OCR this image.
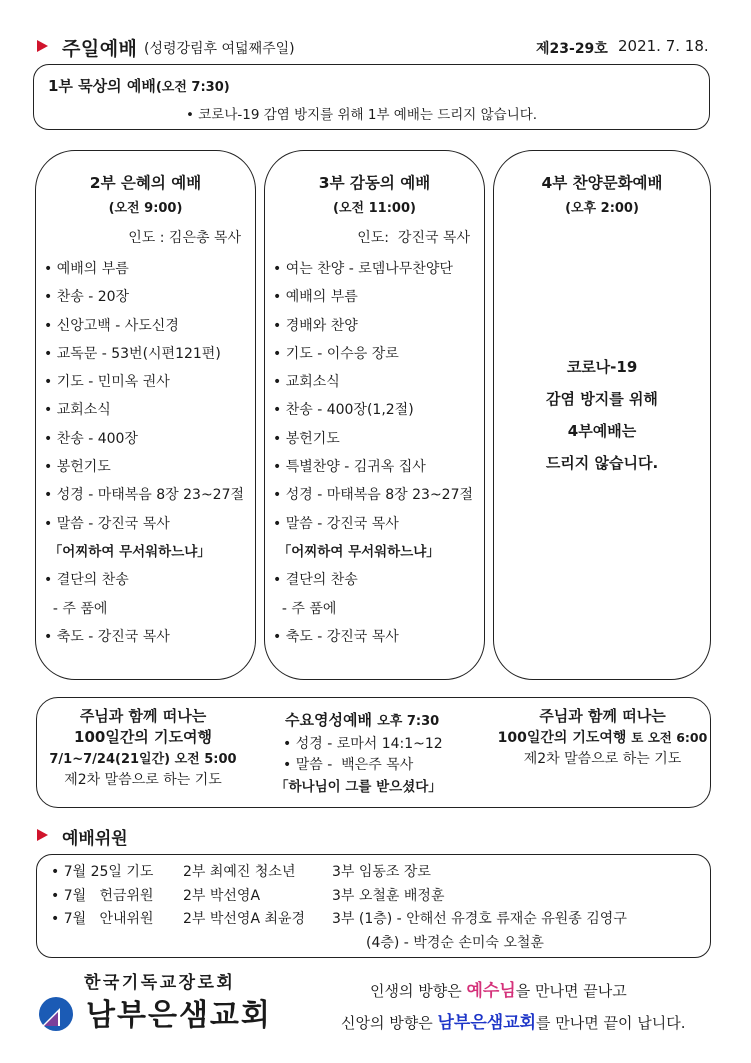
주일예배 (성령강림후 여덟째주일)	제23-29호 2021. 7. 18.
1부 묵상의 예배(오전 7:30)
• 코로나-19 감염 방지를 위해 1부 예배는 드리지 않습니다.
2부 은혜의 예배
(오전 9:00)
인도 : 김은총 목사
• 예배의 부름
• 찬송 - 20장
• 신앙고백 - 사도신경
• 교독문 - 53번(시편121편)
• 기도 - 민미옥 권사
• 교회소식
• 찬송 - 400장
• 봉헌기도
• 성경 - 마태복음 8장 23~27절
• 말씀 - 강진국 목사
「어찌하여 무서워하느냐」
• 결단의 찬송
- 주 품에
• 축도 - 강진국 목사
3부 감동의 예배
(오전 11:00)
인도:  강진국 목사
• 여는 찬양 - 로뎀나무찬양단
• 예배의 부름
• 경배와 찬양
• 기도 - 이수응 장로
• 교회소식
• 찬송 - 400장(1,2절)
• 봉헌기도
• 특별찬양 - 김귀옥 집사
• 성경 - 마태복음 8장 23~27절
• 말씀 - 강진국 목사
「어찌하여 무서워하느냐」
• 결단의 찬송
- 주 품에
• 축도 - 강진국 목사
4부 찬양문화예배
(오후 2:00)
코로나-19
감염 방지를 위해
4부예배는
드리지 않습니다.
주님과 함께 떠나는
100일간의 기도여행
7/1~7/24(21일간) 오전 5:00
제2차 말씀으로 하는 기도
수요영성예배 오후 7:30
• 성경 - 로마서 14:1~12
• 말씀 -  백은주 목사
「하나님이 그를 받으셨다」
주님과 함께 떠나는
100일간의 기도여행 토 오전 6:00
제2차 말씀으로 하는 기도
예배위원
• 7월 25일 기도 2부 최예진 청소년	3부 임동조 장로
• 7월   헌금위원 2부 박선영A	3부 오철훈 배정훈
• 7월   안내위원 2부 박선영A 최윤경 3부 (1층) - 안해선 유경호 류재순 유원종 김영구
(4층) - 박경순 손미숙 오철훈
한국기독교장로회
남부은샘교회
인생의 방향은 예수님을 만나면 끝나고
신앙의 방향은 남부은샘교회를 만나면 끝이 납니다.
